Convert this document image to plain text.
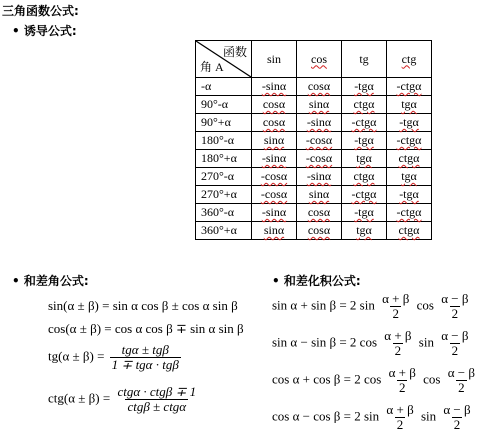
三角函数公式:
• 诱导公式:
函数
角 A	sin	cos	tg	ctg
-α	-sinα	cosα	-tgα	-ctgα
90°-α	cosα	sinα	ctgα	tgα
90°+α	cosα	-sinα	-ctgα	-tgα
180°-α	sinα	-cosα	-tgα	-ctgα
180°+α	-sinα	-cosα	tgα	ctgα
270°-α	-cosα	-sinα	ctgα	tgα
270°+α	-cosα	sinα	-ctgα	-tgα
360°-α	-sinα	cosα	-tgα	-ctgα
360°+α	sinα	cosα	tgα	ctgα
• 和差角公式:
sin(α ± β) = sin α cos β ± cos α sin β
cos(α ± β) = cos α cos β ∓ sin α sin β
$tg(\alpha \pm \beta) = \frac{\text{tgα ± tgβ}}{\text{1 ∓ tgα · tgβ}}$
$ctg(\alpha \pm \beta) = \frac{\text{ctgα · ctgβ ∓ 1}}{\text{ctgβ ± ctgα}}$
• 和差化积公式:
sin α + sin β = 2 $\sin \frac{\alpha + \beta}{2}$ $\cos \frac{\alpha - \beta}{2}$
sin α − sin β = 2 $\cos \frac{\alpha + \beta}{2}$ $\sin \frac{\alpha - \beta}{2}$
cos α + cos β = 2 $\cos \frac{\alpha + \beta}{2}$ $\cos \frac{\alpha - \beta}{2}$
cos α − cos β = 2 $\sin \frac{\alpha + \beta}{2}$ $\sin \frac{\alpha - \beta}{2}$
